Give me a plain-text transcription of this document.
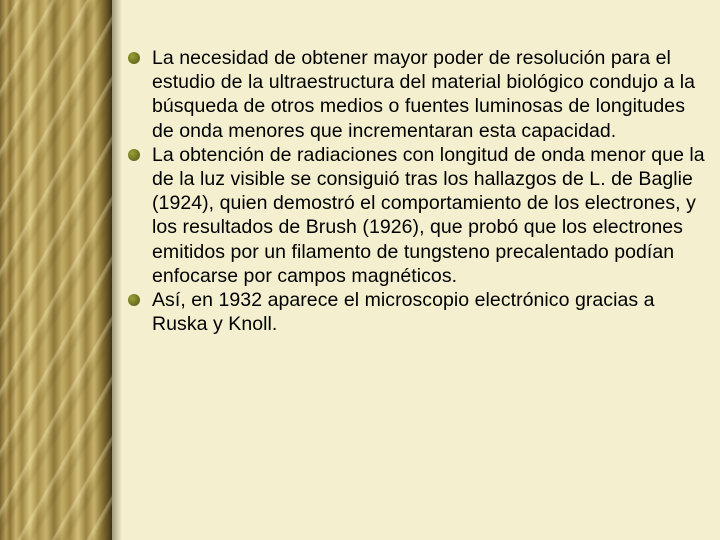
La necesidad de obtener mayor poder de resolución para el estudio de la ultraestructura del material biológico condujo a la búsqueda de otros medios o fuentes luminosas de longitudes de onda menores que incrementaran esta capacidad.
La obtención de radiaciones con longitud de onda menor que la de la luz visible se consiguió tras los hallazgos de L. de Baglie (1924), quien demostró el comportamiento de los electrones, y los resultados de Brush (1926), que probó que los electrones emitidos por un filamento de tungsteno precalentado podían enfocarse por campos magnéticos.
Así, en 1932 aparece el microscopio electrónico gracias a Ruska y Knoll.
